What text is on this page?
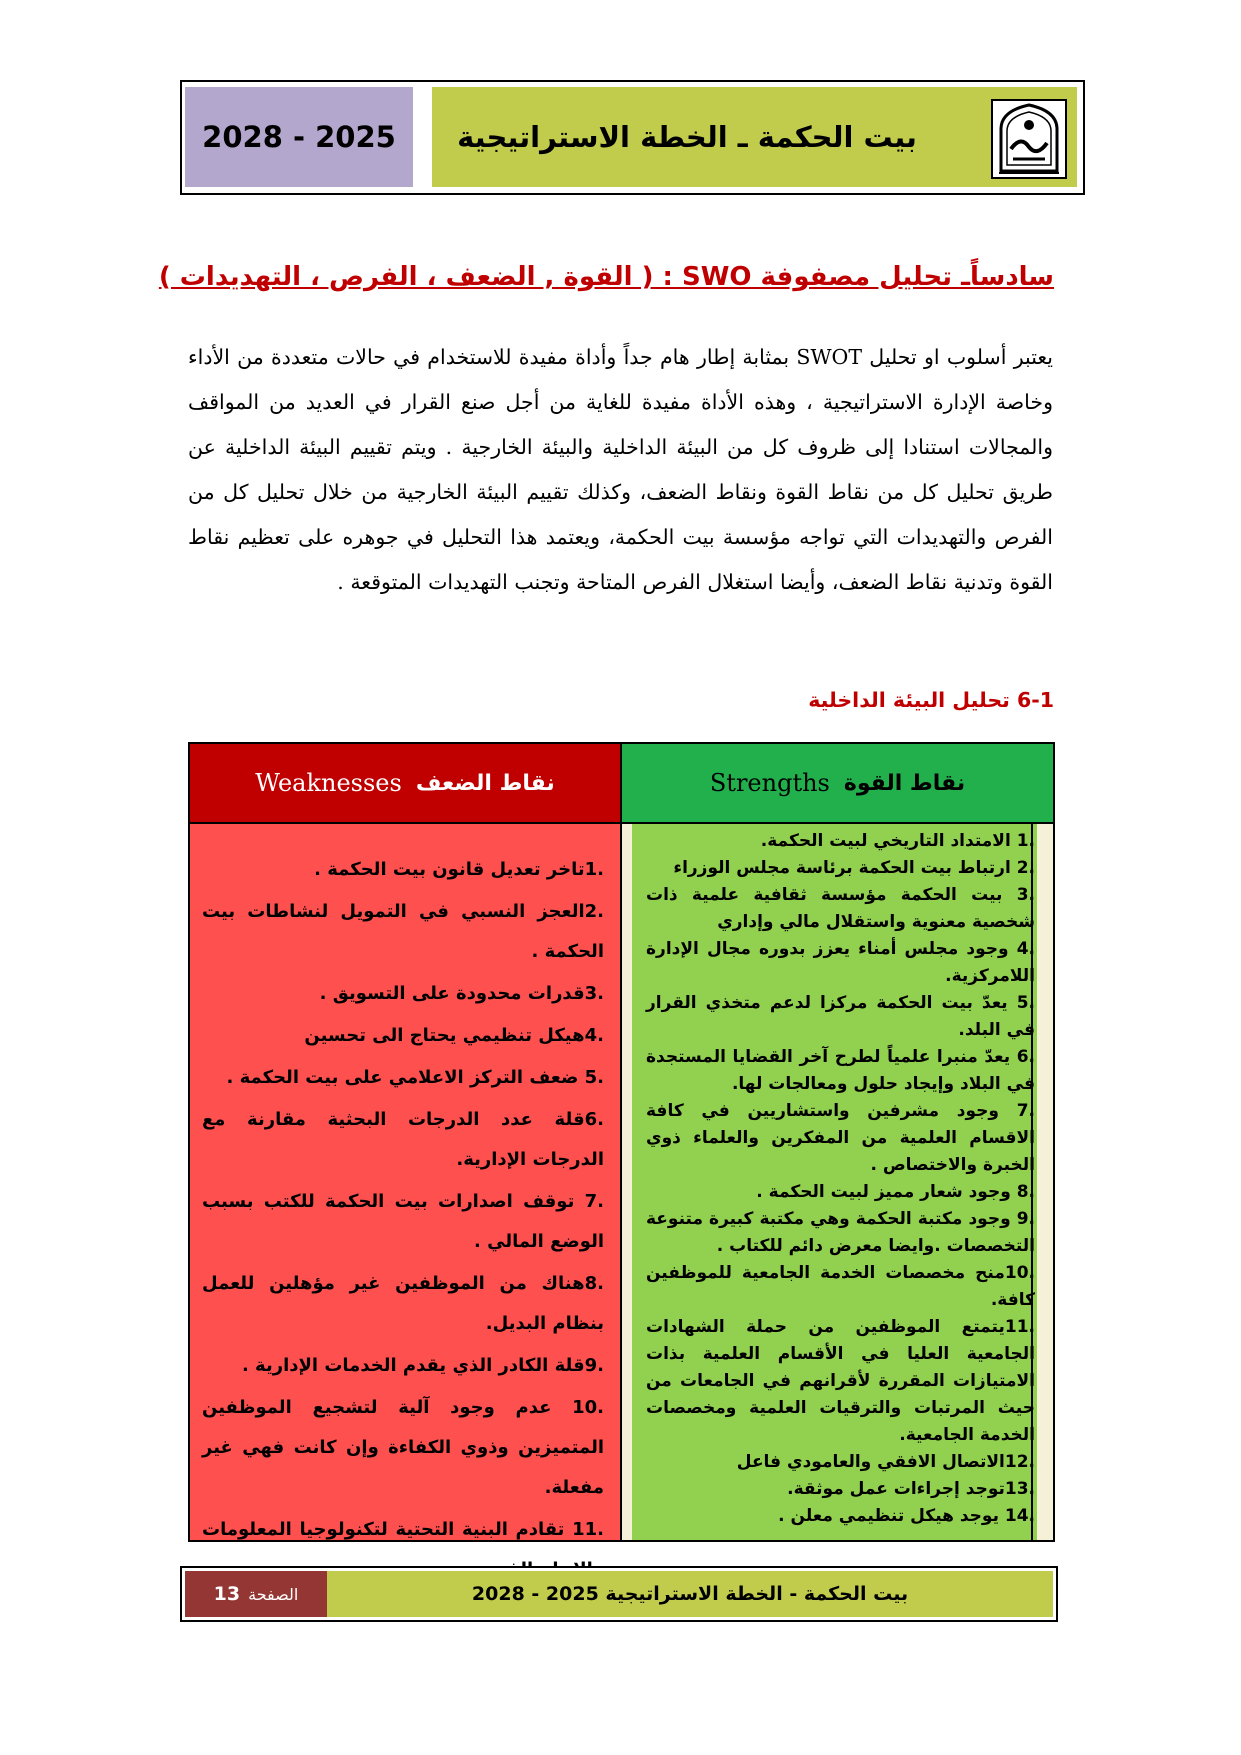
2028 - 2025	بيت الحكمة ـ الخطة الاستراتيجية
سادساًـ تحليل مصفوفة SWO : ( القوة , الضعف ، الفرص ، التهديدات )
يعتبر أسلوب او تحليل SWOT بمثابة إطار هام جداً وأداة مفيدة للاستخدام في حالات متعددة من الأداء وخاصة الإدارة الاستراتيجية ، وهذه الأداة مفيدة للغاية من أجل صنع القرار في العديد من المواقف والمجالات استنادا إلى ظروف كل من البيئة الداخلية والبيئة الخارجية . ويتم تقييم البيئة الداخلية عن طريق تحليل كل من نقاط القوة ونقاط الضعف، وكذلك تقييم البيئة الخارجية من خلال تحليل كل من الفرص والتهديدات التي تواجه مؤسسة بيت الحكمة، ويعتمد هذا التحليل في جوهره على تعظيم نقاط القوة وتدنية نقاط الضعف، وأيضا استغلال الفرص المتاحة وتجنب التهديدات المتوقعة .
6-1 تحليل البيئة الداخلية
نقاط الضعف
Weaknesses	نقاط القوة
Strengths
1.تاخر تعديل قانون بيت الحكمة .
2.العجز النسبي في التمويل لنشاطات بيت الحكمة .
3.قدرات محدودة على التسويق .
4.هيكل تنظيمي يحتاج الى تحسين
5. ضعف التركز الاعلامي على بيت الحكمة .
6.قلة عدد الدرجات البحثية مقارنة مع الدرجات الإدارية.
7. توقف اصدارات بيت الحكمة للكتب بسبب الوضع المالي .
8.هناك من الموظفين غير مؤهلين للعمل بنظام البديل.
9.قلة الكادر الذي يقدم الخدمات الإدارية .
10. عدم وجود آلية لتشجيع الموظفين المتميزين وذوي الكفاءة وإن كانت فهي غير مفعلة.
11. تقادم البنية التحتية لتكنولوجيا المعلومات
1. الامتداد التاريخي لبيت الحكمة.
2. ارتباط بيت الحكمة برئاسة مجلس الوزراء
3. بيت الحكمة مؤسسة ثقافية علمية ذات شخصية معنوية واستقلال مالي وإداري
4. وجود مجلس أمناء يعزز بدوره مجال الإدارة اللامركزية.
5. يعدّ بيت الحكمة مركزا لدعم متخذي القرار في البلد.
6. يعدّ منبرا علمياً لطرح آخر القضايا المستجدة في البلاد وإيجاد حلول ومعالجات لها.
7. وجود مشرفين واستشاريين في كافة الاقسام العلمية من المفكرين والعلماء ذوي الخبرة والاختصاص .
8. وجود شعار مميز لبيت الحكمة .
9. وجود مكتبة الحكمة وهي مكتبة كبيرة متنوعة التخصصات .وايضا معرض دائم للكتاب .
10.منح مخصصات الخدمة الجامعية للموظفين كافة.
11.يتمتع الموظفين من حملة الشهادات الجامعية العليا في الأقسام العلمية بذات الامتيازات المقررة لأقرانهم في الجامعات من حيث المرتبات والترقيات العلمية ومخصصات الخدمة الجامعية.
12.الاتصال الافقي والعامودي فاعل
13.توجد إجراءات عمل موثقة.
14. يوجد هيكل تنظيمي معلن .
بيت الحكمة - الخطة الاستراتيجية 2025 - 2028
الصفحة
13
